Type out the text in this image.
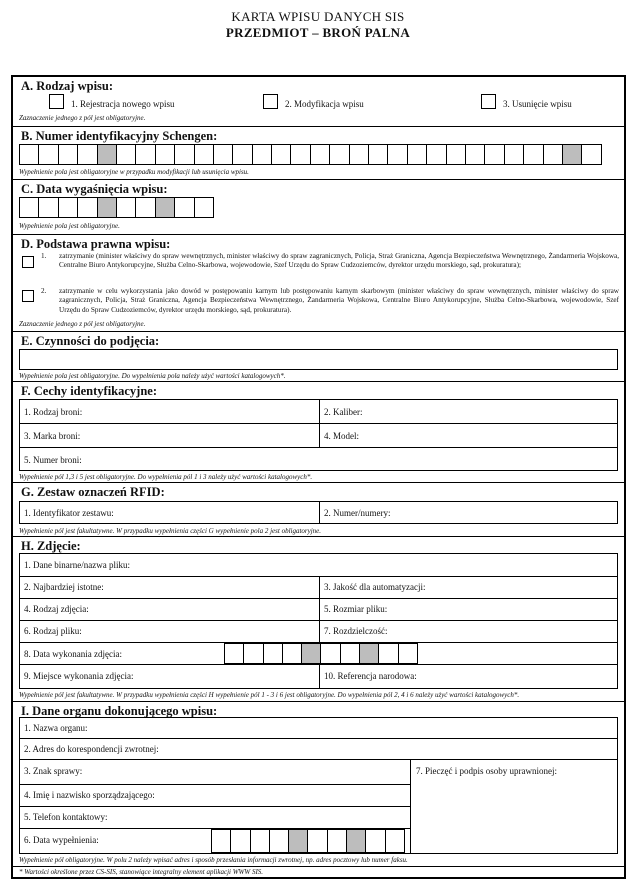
KARTA WPISU DANYCH SIS
PRZEDMIOT – BROŃ PALNA
A. Rodzaj wpisu:
1. Rejestracja nowego wpisu	2. Modyfikacja wpisu	3. Usunięcie wpisu
Zaznaczenie jednego z pól jest obligatoryjne.
B. Numer identyfikacyjny Schengen:
Wypełnienie pola jest obligatoryjne w przypadku modyfikacji lub usunięcia wpisu.
C. Data wygaśnięcia wpisu:
Wypełnienie pola jest obligatoryjne.
D. Podstawa prawna wpisu:
1. zatrzymanie (minister właściwy do spraw wewnętrznych, minister właściwy do spraw zagranicznych, Policja, Straż Graniczna, Agencja Bezpieczeństwa Wewnętrznego, Żandarmeria Wojskowa, Centralne Biuro Antykorupcyjne, Służba Celno-Skarbowa, wojewodowie, Szef Urzędu do Spraw Cudzoziemców, dyrektor urzędu morskiego, sąd, prokuratura);
2. zatrzymanie w celu wykorzystania jako dowód w postępowaniu karnym lub postępowaniu karnym skarbowym (minister właściwy do spraw wewnętrznych, minister właściwy do spraw zagranicznych, Policja, Straż Graniczna, Agencja Bezpieczeństwa Wewnętrznego, Żandarmeria Wojskowa, Centralne Biuro Antykorupcyjne, Służba Celno-Skarbowa, wojewodowie, Szef Urzędu do Spraw Cudzoziemców, dyrektor urzędu morskiego, sąd, prokuratura).
Zaznaczenie jednego z pól jest obligatoryjne.
E. Czynności do podjęcia:
Wypełnienie pola jest obligatoryjne. Do wypełnienia pola należy użyć wartości katalogowych*.
F. Cechy identyfikacyjne:
1. Rodzaj broni:	2. Kaliber:
3. Marka broni:	4. Model:
5. Numer broni:
Wypełnienie pól 1,3 i 5 jest obligatoryjne. Do wypełnienia pól 1 i 3 należy użyć wartości katalogowych*.
G. Zestaw oznaczeń RFID:
1. Identyfikator zestawu:	2. Numer/numery:
Wypełnienie pól jest fakultatywne. W przypadku wypełnienia części G wypełnienie pola 2 jest obligatoryjne.
H. Zdjęcie:
1. Dane binarne/nazwa pliku:
2. Najbardziej istotne:	3. Jakość dla automatyzacji:
4. Rodzaj zdjęcia:	5. Rozmiar pliku:
6. Rodzaj pliku:	7. Rozdzielczość:
8. Data wykonania zdjęcia:
9. Miejsce wykonania zdjęcia:	10. Referencja narodowa:
Wypełnienie pól jest fakultatywne. W przypadku wypełnienia części H wypełnienie pól 1 - 3 i 6 jest obligatoryjne. Do wypełnienia pól 2, 4 i 6 należy użyć wartości katalogowych*.
I. Dane organu dokonującego wpisu:
1. Nazwa organu:
2. Adres do korespondencji zwrotnej:
3. Znak sprawy:	7. Pieczęć i podpis osoby uprawnionej:
4. Imię i nazwisko sporządzającego:
5. Telefon kontaktowy:
6. Data wypełnienia:
Wypełnienie pól obligatoryjne. W polu 2 należy wpisać adres i sposób przesłania informacji zwrotnej, np. adres pocztowy lub numer faksu.
* Wartości określone przez CS-SIS, stanowiące integralny element aplikacji WWW SIS.
